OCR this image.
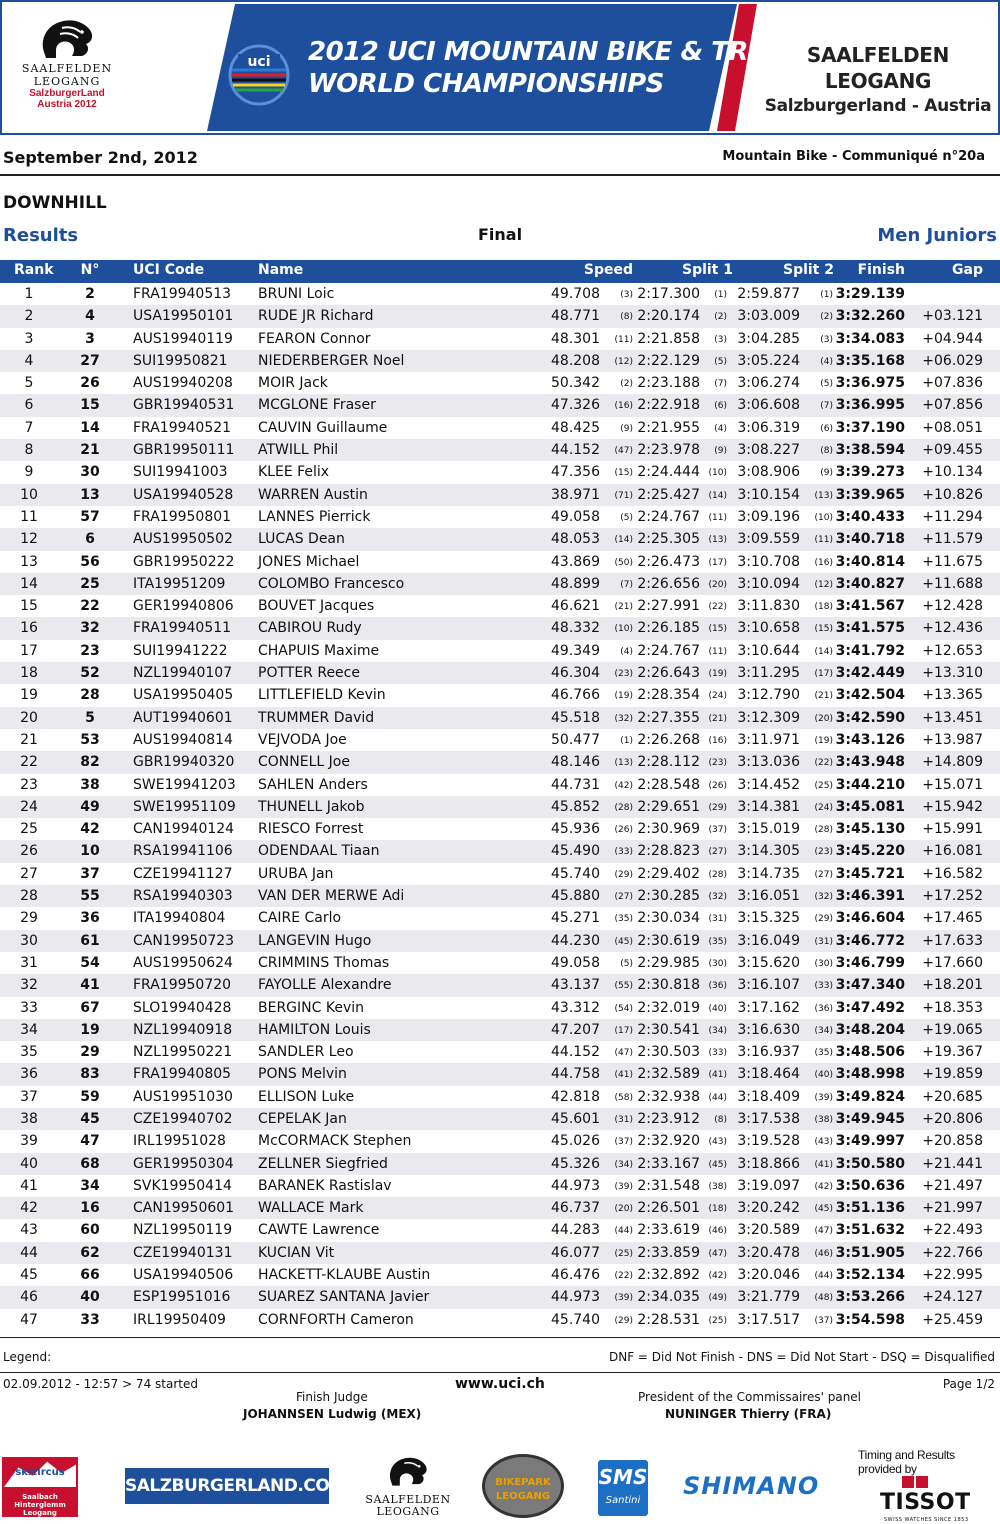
SAALFELDEN
LEOGANG
SalzburgerLand
Austria 2012
uci 2012 UCI MOUNTAIN BIKE & TRIALS
WORLD CHAMPIONSHIPS
SAALFELDEN LEOGANG
Salzburgerland - Austria
September 2nd, 2012	Mountain Bike - Communiqué n°20a
DOWNHILL
Results	Final	Men Juniors
Rank	N°	UCI Code	Name	Speed	Split 1	Split 2 Finish	Gap
1	2	FRA19940513 BRUNI Loic	49.708 (3) 2:17.300 (1) 2:59.877 (1) 3:29.139
2	4	USA19950101 RUDE JR Richard	48.771 (8) 2:20.174 (2) 3:03.009 (2) 3:32.260 +03.121
3	3	AUS19940119 FEARON Connor	48.301 (11) 2:21.858 (3) 3:04.285 (3) 3:34.083 +04.944
4	27	SUI19950821 NIEDERBERGER Noel	48.208 (12) 2:22.129 (5) 3:05.224 (4) 3:35.168 +06.029
5	26	AUS19940208 MOIR Jack	50.342 (2) 2:23.188 (7) 3:06.274 (5) 3:36.975 +07.836
6	15	GBR19940531 MCGLONE Fraser	47.326 (16) 2:22.918 (6) 3:06.608 (7) 3:36.995 +07.856
7	14	FRA19940521 CAUVIN Guillaume	48.425 (9) 2:21.955 (4) 3:06.319 (6) 3:37.190 +08.051
8	21	GBR19950111 ATWILL Phil	44.152 (47) 2:23.978 (9) 3:08.227 (8) 3:38.594 +09.455
9	30	SUI19941003 KLEE Felix	47.356 (15) 2:24.444 (10) 3:08.906 (9) 3:39.273 +10.134
10	13	USA19940528 WARREN Austin	38.971 (71) 2:25.427 (14) 3:10.154 (13) 3:39.965 +10.826
11	57	FRA19950801 LANNES Pierrick	49.058 (5) 2:24.767 (11) 3:09.196 (10) 3:40.433 +11.294
12	6	AUS19950502 LUCAS Dean	48.053 (14) 2:25.305 (13) 3:09.559 (11) 3:40.718 +11.579
13	56	GBR19950222 JONES Michael	43.869 (50) 2:26.473 (17) 3:10.708 (16) 3:40.814 +11.675
14	25	ITA19951209 COLOMBO Francesco	48.899 (7) 2:26.656 (20) 3:10.094 (12) 3:40.827 +11.688
15	22	GER19940806 BOUVET Jacques	46.621 (21) 2:27.991 (22) 3:11.830 (18) 3:41.567 +12.428
16	32	FRA19940511 CABIROU Rudy	48.332 (10) 2:26.185 (15) 3:10.658 (15) 3:41.575 +12.436
17	23	SUI19941222 CHAPUIS Maxime	49.349 (4) 2:24.767 (11) 3:10.644 (14) 3:41.792 +12.653
18	52	NZL19940107 POTTER Reece	46.304 (23) 2:26.643 (19) 3:11.295 (17) 3:42.449 +13.310
19	28	USA19950405 LITTLEFIELD Kevin	46.766 (19) 2:28.354 (24) 3:12.790 (21) 3:42.504 +13.365
20	5	AUT19940601 TRUMMER David	45.518 (32) 2:27.355 (21) 3:12.309 (20) 3:42.590 +13.451
21	53	AUS19940814 VEJVODA Joe	50.477 (1) 2:26.268 (16) 3:11.971 (19) 3:43.126 +13.987
22	82	GBR19940320 CONNELL Joe	48.146 (13) 2:28.112 (23) 3:13.036 (22) 3:43.948 +14.809
23	38	SWE19941203 SAHLEN Anders	44.731 (42) 2:28.548 (26) 3:14.452 (25) 3:44.210 +15.071
24	49	SWE19951109 THUNELL Jakob	45.852 (28) 2:29.651 (29) 3:14.381 (24) 3:45.081 +15.942
25	42	CAN19940124 RIESCO Forrest	45.936 (26) 2:30.969 (37) 3:15.019 (28) 3:45.130 +15.991
26	10	RSA19941106 ODENDAAL Tiaan	45.490 (33) 2:28.823 (27) 3:14.305 (23) 3:45.220 +16.081
27	37	CZE19941127 URUBA Jan	45.740 (29) 2:29.402 (28) 3:14.735 (27) 3:45.721 +16.582
28	55	RSA19940303 VAN DER MERWE Adi	45.880 (27) 2:30.285 (32) 3:16.051 (32) 3:46.391 +17.252
29	36	ITA19940804 CAIRE Carlo	45.271 (35) 2:30.034 (31) 3:15.325 (29) 3:46.604 +17.465
30	61	CAN19950723 LANGEVIN Hugo	44.230 (45) 2:30.619 (35) 3:16.049 (31) 3:46.772 +17.633
31	54	AUS19950624 CRIMMINS Thomas	49.058 (5) 2:29.985 (30) 3:15.620 (30) 3:46.799 +17.660
32	41	FRA19950720 FAYOLLE Alexandre	43.137 (55) 2:30.818 (36) 3:16.107 (33) 3:47.340 +18.201
33	67	SLO19940428 BERGINC Kevin	43.312 (54) 2:32.019 (40) 3:17.162 (36) 3:47.492 +18.353
34	19	NZL19940918 HAMILTON Louis	47.207 (17) 2:30.541 (34) 3:16.630 (34) 3:48.204 +19.065
35	29	NZL19950221 SANDLER Leo	44.152 (47) 2:30.503 (33) 3:16.937 (35) 3:48.506 +19.367
36	83	FRA19940805 PONS Melvin	44.758 (41) 2:32.589 (41) 3:18.464 (40) 3:48.998 +19.859
37	59	AUS19951030 ELLISON Luke	42.818 (58) 2:32.938 (44) 3:18.409 (39) 3:49.824 +20.685
38	45	CZE19940702 CEPELAK Jan	45.601 (31) 2:23.912 (8) 3:17.538 (38) 3:49.945 +20.806
39	47	IRL19951028 McCORMACK Stephen	45.026 (37) 2:32.920 (43) 3:19.528 (43) 3:49.997 +20.858
40	68	GER19950304 ZELLNER Siegfried	45.326 (34) 2:33.167 (45) 3:18.866 (41) 3:50.580 +21.441
41	34	SVK19950414 BARANEK Rastislav	44.973 (39) 2:31.548 (38) 3:19.097 (42) 3:50.636 +21.497
42	16	CAN19950601 WALLACE Mark	46.737 (20) 2:26.501 (18) 3:20.242 (45) 3:51.136 +21.997
43	60	NZL19950119 CAWTE Lawrence	44.283 (44) 2:33.619 (46) 3:20.589 (47) 3:51.632 +22.493
44	62	CZE19940131 KUCIAN Vit	46.077 (25) 2:33.859 (47) 3:20.478 (46) 3:51.905 +22.766
45	66	USA19940506 HACKETT-KLAUBE Austin	46.476 (22) 2:32.892 (42) 3:20.046 (44) 3:52.134 +22.995
46	40	ESP19951016 SUAREZ SANTANA Javier	44.973 (39) 2:34.035 (49) 3:21.779 (48) 3:53.266 +24.127
47	33	IRL19950409 CORNFORTH Cameron	45.740 (29) 2:28.531 (25) 3:17.517 (37) 3:54.598 +25.459
Legend:	DNF = Did Not Finish - DNS = Did Not Start - DSQ = Disqualified
02.09.2012 - 12:57 > 74 started	www.uci.ch	Page 1/2
Finish Judge
JOHANNSEN Ludwig (MEX)
President of the Commissaires' panel
NUNINGER Thierry (FRA)
skicircus
Saalbach Hinterglemm Leogang
SALZBURGERLAND.COM
SAALFELDEN
LEOGANG
BIKEPARK
LEOGANG
SMS
Santini
SHIMANO
Timing and Results provided by
TISSOT
SWISS WATCHES SINCE 1853
